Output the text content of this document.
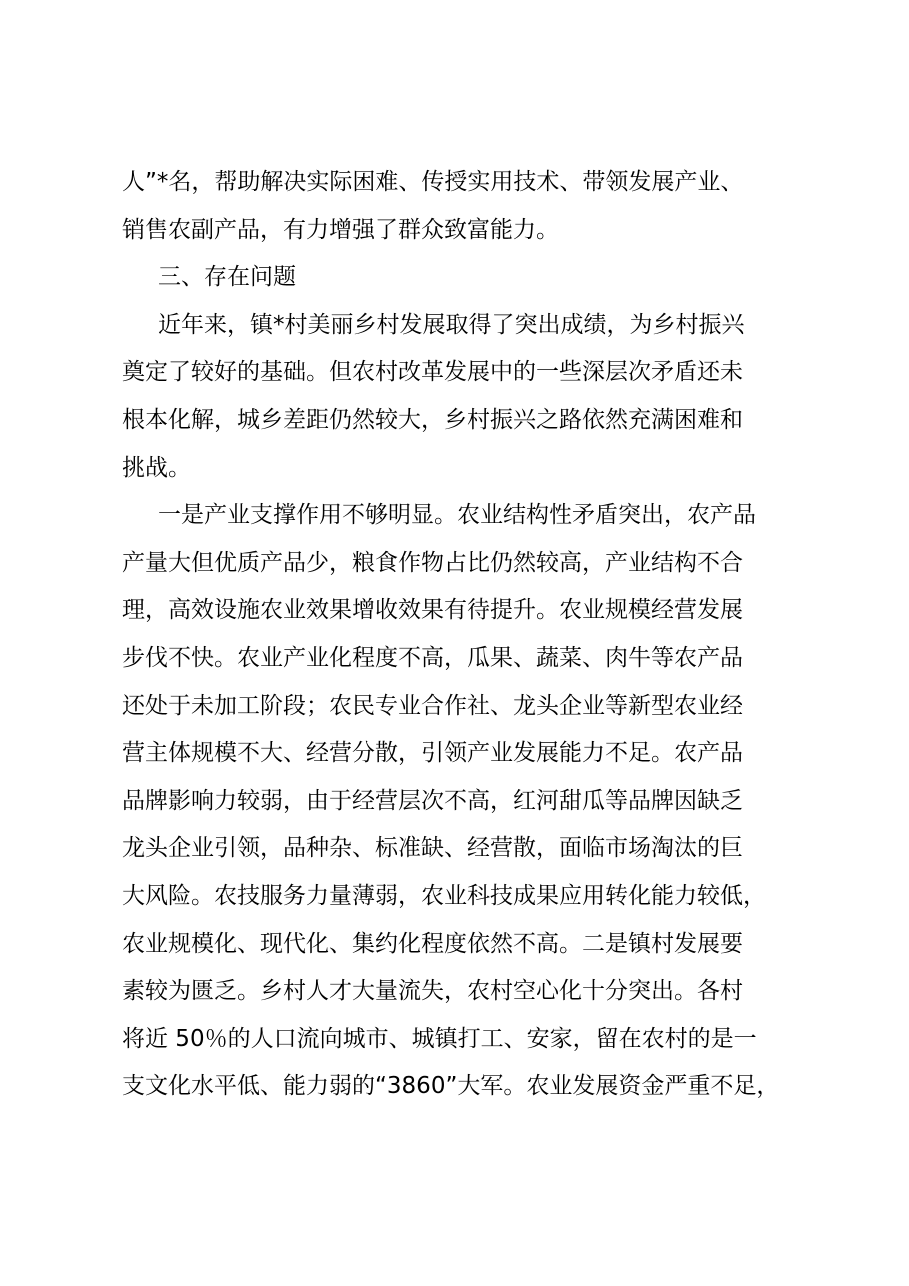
人”*名，帮助解决实际困难、传授实用技术、带领发展产业、
销售农副产品，有力增强了群众致富能力。
三、存在问题
近年来，镇*村美丽乡村发展取得了突出成绩，为乡村振兴
奠定了较好的基础。但农村改革发展中的一些深层次矛盾还未
根本化解，城乡差距仍然较大，乡村振兴之路依然充满困难和
挑战。
一是产业支撑作用不够明显。农业结构性矛盾突出，农产品
产量大但优质产品少，粮食作物占比仍然较高，产业结构不合
理，高效设施农业效果增收效果有待提升。农业规模经营发展
步伐不快。农业产业化程度不高，瓜果、蔬菜、肉牛等农产品
还处于未加工阶段；农民专业合作社、龙头企业等新型农业经
营主体规模不大、经营分散，引领产业发展能力不足。农产品
品牌影响力较弱，由于经营层次不高，红河甜瓜等品牌因缺乏
龙头企业引领，品种杂、标准缺、经营散，面临市场淘汰的巨
大风险。农技服务力量薄弱，农业科技成果应用转化能力较低，
农业规模化、现代化、集约化程度依然不高。二是镇村发展要
素较为匮乏。乡村人才大量流失，农村空心化十分突出。各村
将近 50％的人口流向城市、城镇打工、安家，留在农村的是一
支文化水平低、能力弱的“3860”大军。农业发展资金严重不足，
